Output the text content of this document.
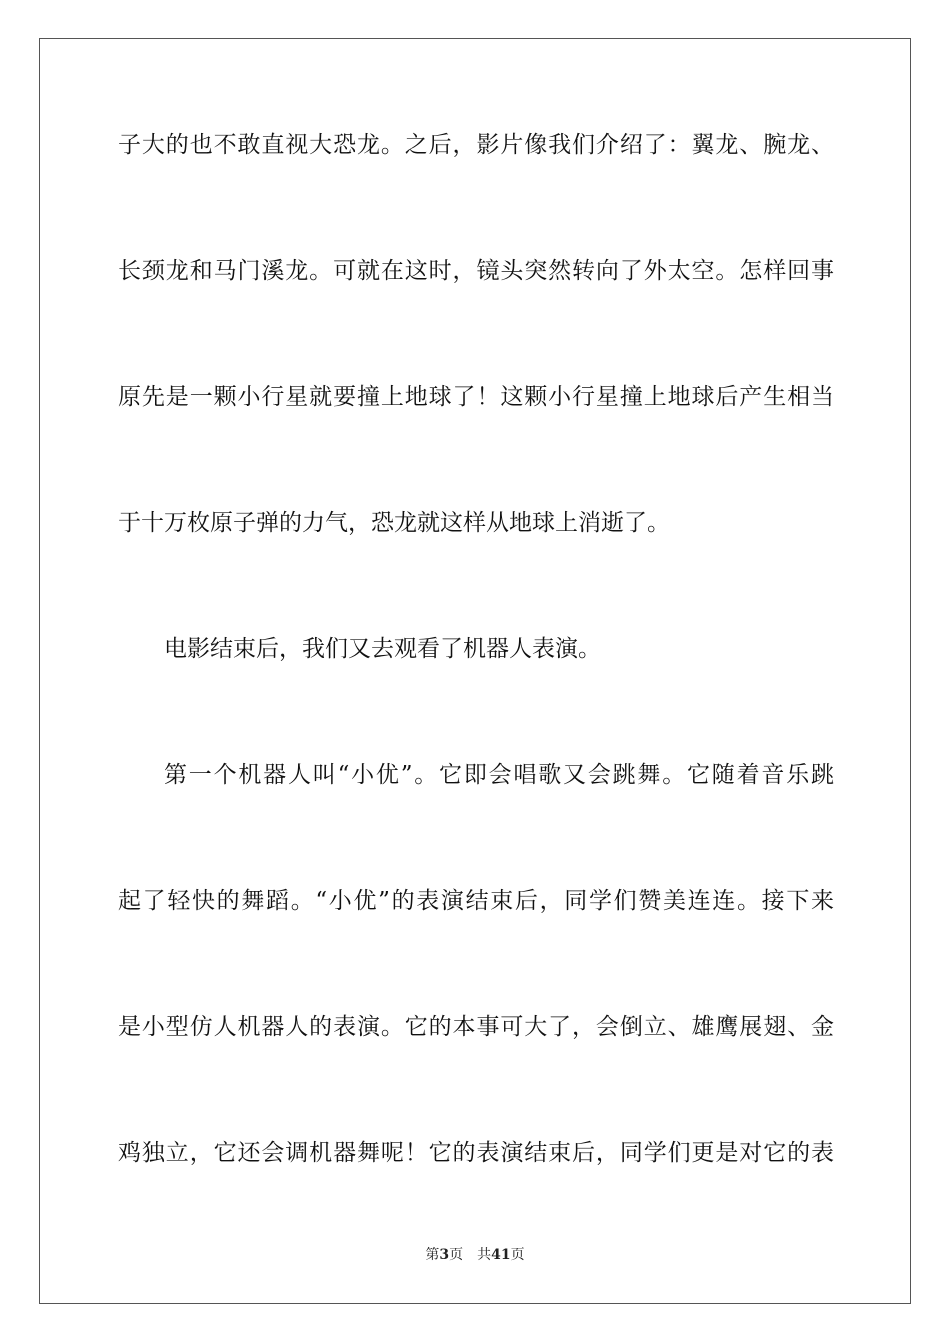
子大的也不敢直视大恐龙。之后，影片像我们介绍了：翼龙、腕龙、
长颈龙和马门溪龙。可就在这时，镜头突然转向了外太空。怎样回事
原先是一颗小行星就要撞上地球了！这颗小行星撞上地球后产生相当
于十万枚原子弹的力气，恐龙就这样从地球上消逝了。
电影结束后，我们又去观看了机器人表演。
第一个机器人叫“小优”。它即会唱歌又会跳舞。它随着音乐跳
起了轻快的舞蹈。“小优”的表演结束后，同学们赞美连连。接下来
是小型仿人机器人的表演。它的本事可大了，会倒立、雄鹰展翅、金
鸡独立，它还会调机器舞呢！它的表演结束后，同学们更是对它的表
第3页 共41页
